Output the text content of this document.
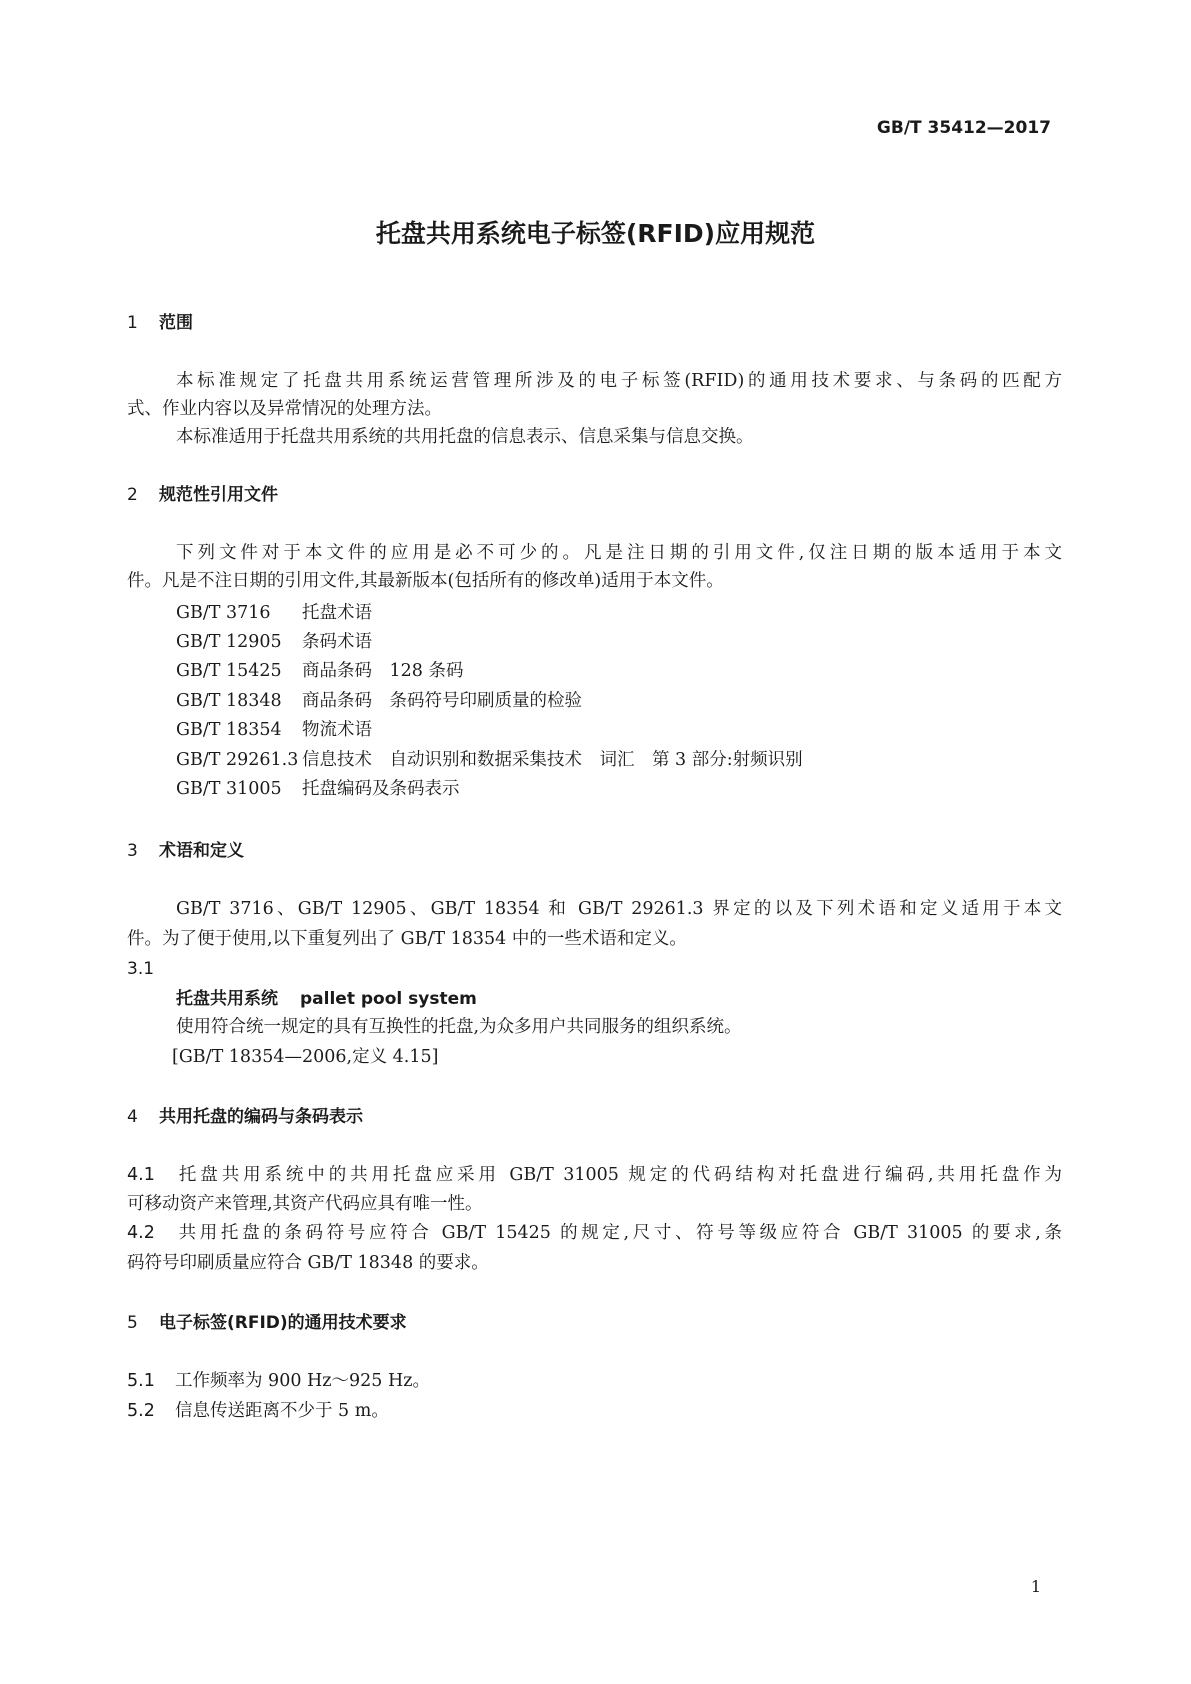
GB/T 35412—2017
托盘共用系统电子标签(RFID)应用规范
1 范围
本标准规定了托盘共用系统运营管理所涉及的电子标签(RFID)的通用技术要求、与条码的匹配方
式、作业内容以及异常情况的处理方法。
本标准适用于托盘共用系统的共用托盘的信息表示、信息采集与信息交换。
2 规范性引用文件
下列文件对于本文件的应用是必不可少的。凡是注日期的引用文件,仅注日期的版本适用于本文
件。凡是不注日期的引用文件,其最新版本(包括所有的修改单)适用于本文件。
GB/T 3716 托盘术语
GB/T 12905 条码术语
GB/T 15425 商品条码　128 条码
GB/T 18348 商品条码　条码符号印刷质量的检验
GB/T 18354 物流术语
GB/T 29261.3 信息技术　自动识别和数据采集技术　词汇　第 3 部分:射频识别
GB/T 31005 托盘编码及条码表示
3 术语和定义
GB/T 3716、GB/T 12905、GB/T 18354 和 GB/T 29261.3 界定的以及下列术语和定义适用于本文
件。为了便于使用,以下重复列出了 GB/T 18354 中的一些术语和定义。
3.1
托盘共用系统 pallet pool system
使用符合统一规定的具有互换性的托盘,为众多用户共同服务的组织系统。
[GB/T 18354—2006,定义 4.15]
4 共用托盘的编码与条码表示
4.1 托盘共用系统中的共用托盘应采用 GB/T 31005 规定的代码结构对托盘进行编码,共用托盘作为
可移动资产来管理,其资产代码应具有唯一性。
4.2 共用托盘的条码符号应符合 GB/T 15425 的规定,尺寸、符号等级应符合 GB/T 31005 的要求,条
码符号印刷质量应符合 GB/T 18348 的要求。
5 电子标签(RFID)的通用技术要求
5.1 工作频率为 900 Hz～925 Hz。
5.2 信息传送距离不少于 5 m。
1
